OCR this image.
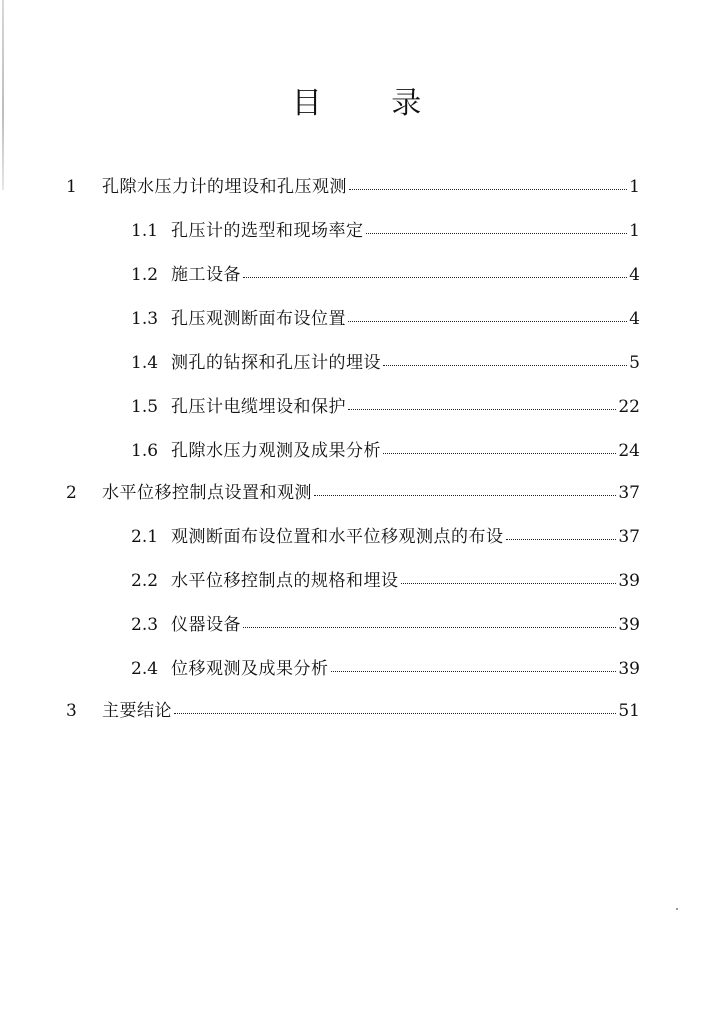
目 录
1	孔隙水压力计的埋设和孔压观测	1
1.1 孔压计的选型和现场率定	1
1.2 施工设备	4
1.3 孔压观测断面布设位置	4
1.4 测孔的钻探和孔压计的埋设	5
1.5 孔压计电缆埋设和保护	22
1.6 孔隙水压力观测及成果分析	24
2	水平位移控制点设置和观测	37
2.1 观测断面布设位置和水平位移观测点的布设	37
2.2 水平位移控制点的规格和埋设	39
2.3 仪器设备	39
2.4 位移观测及成果分析	39
3	主要结论	51
